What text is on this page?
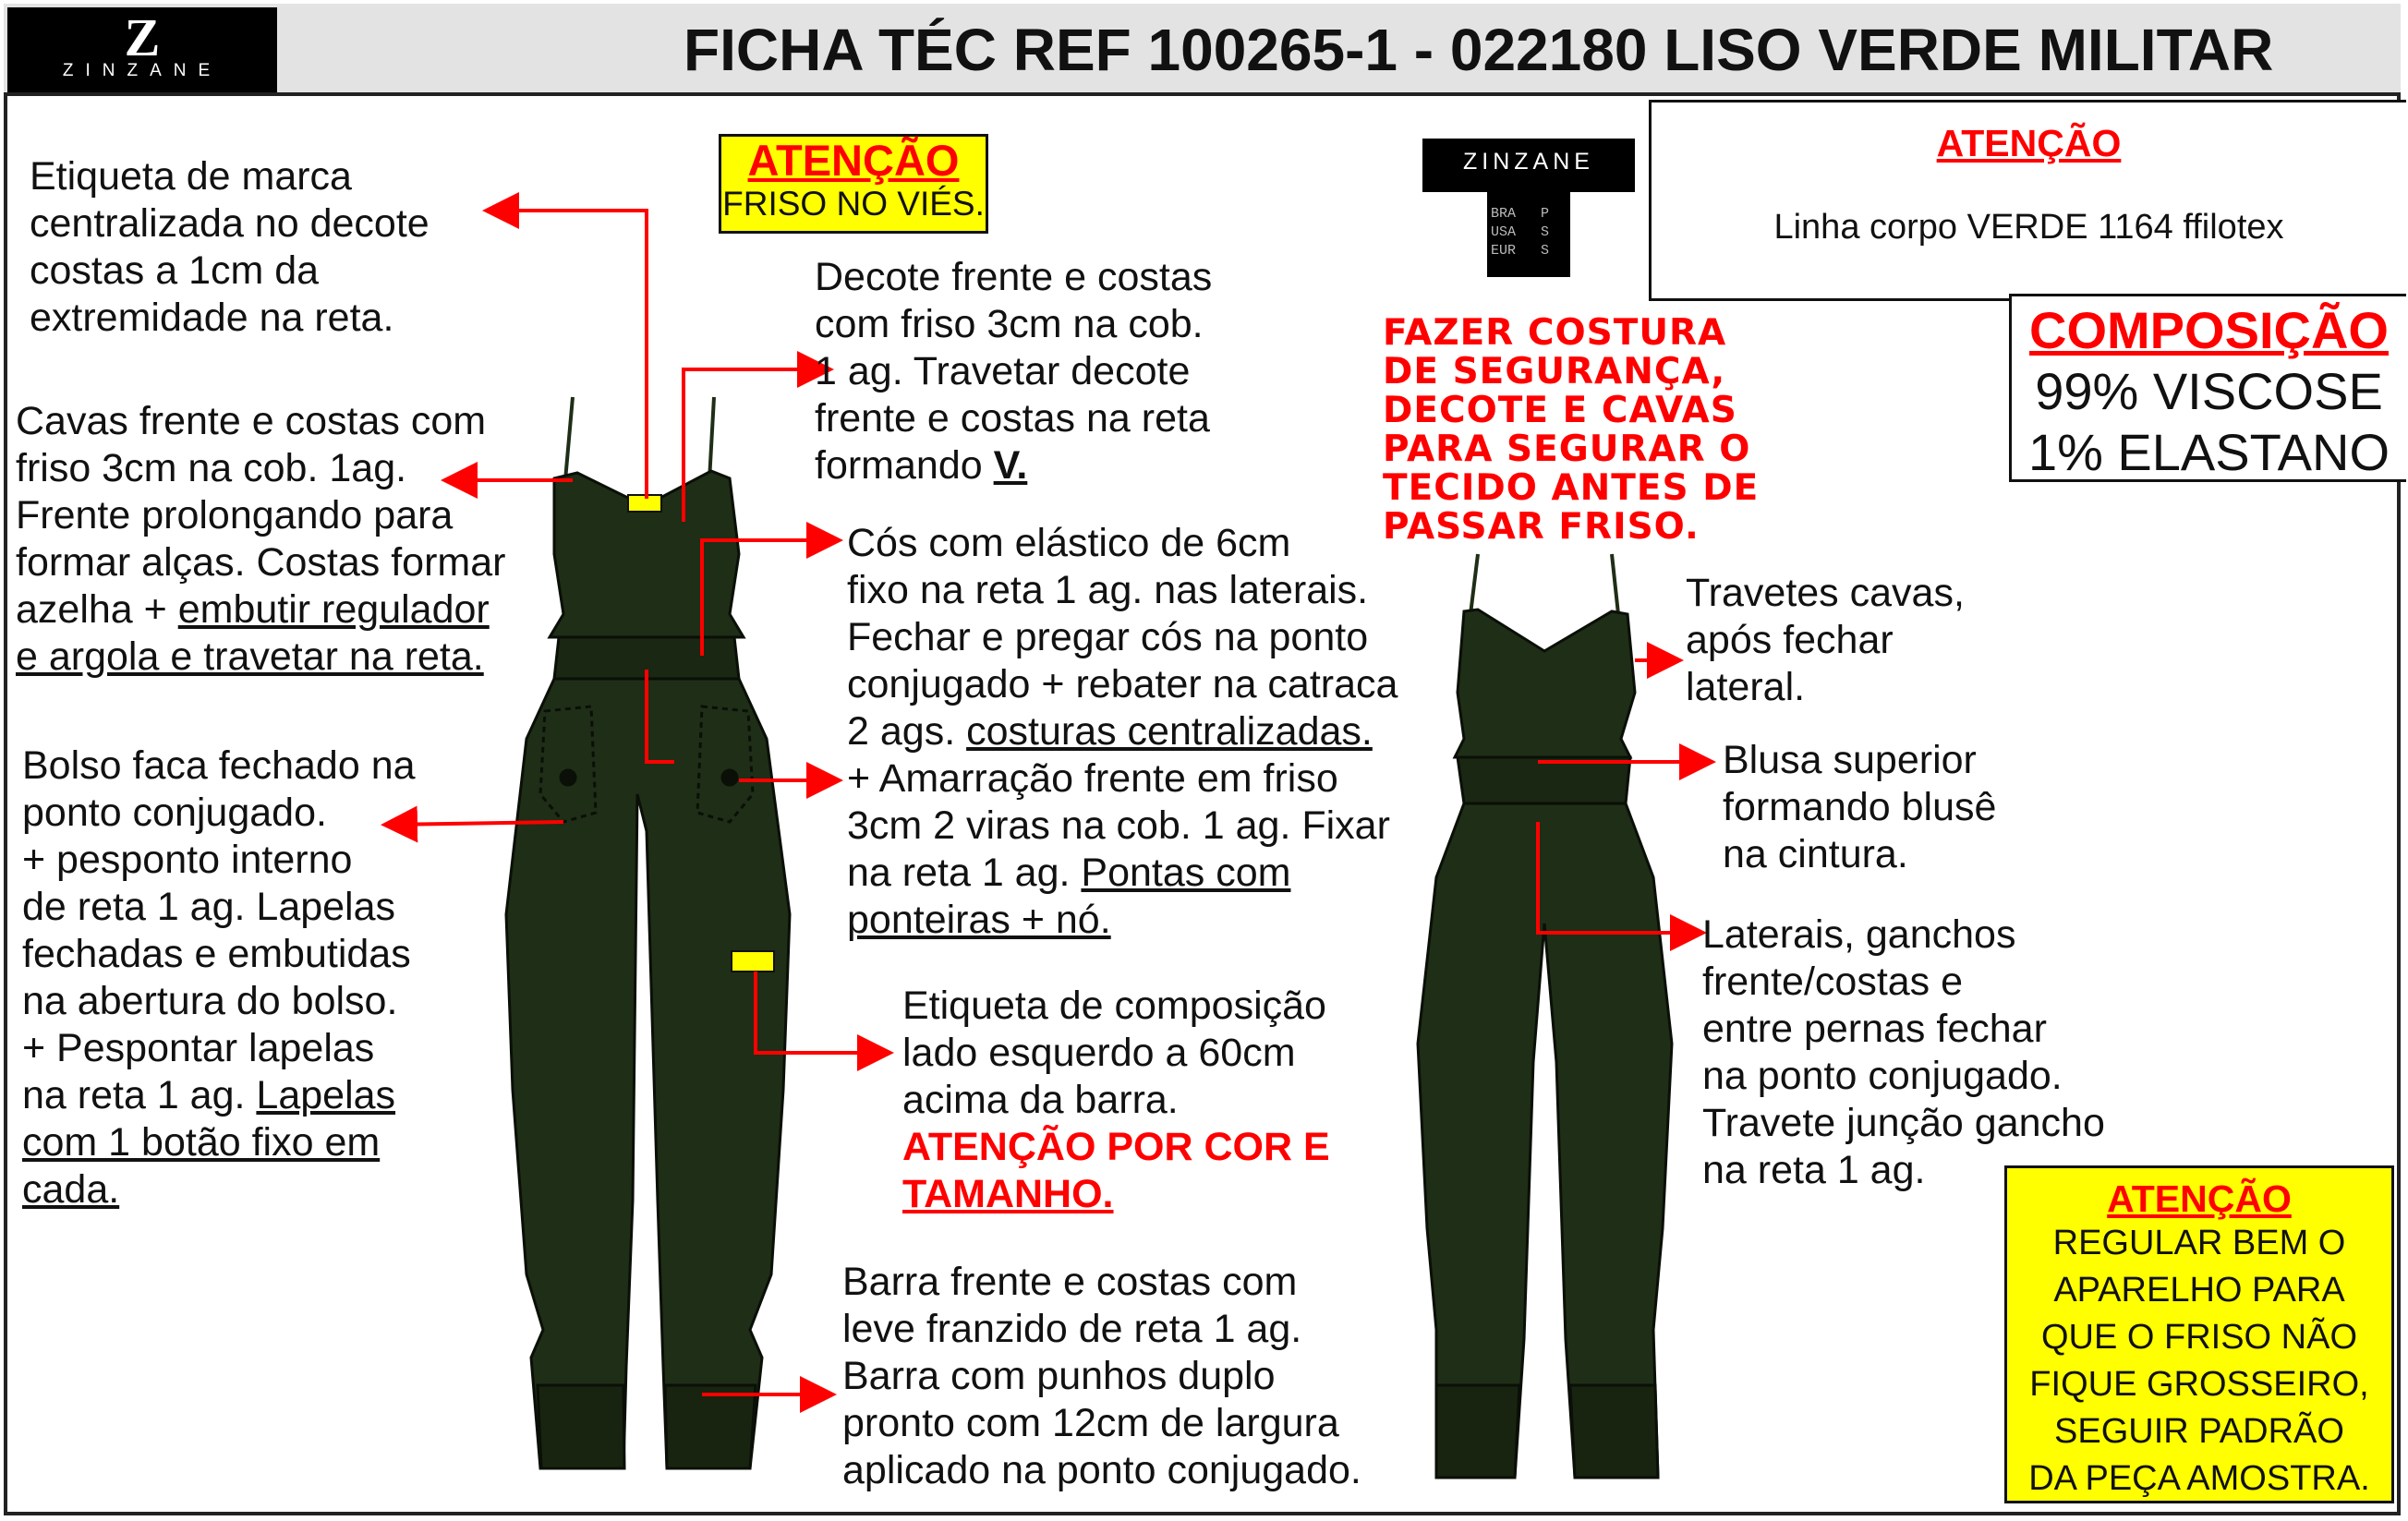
Z
ZINZANE	FICHA TÉC REF 100265-1 - 022180 LISO VERDE MILITAR
ZINZANE
BRA P
USA S
EUR S
ATENÇÃO
FRISO NO VIÉS.
ATENÇÃO
Linha corpo VERDE 1164 ffilotex
COMPOSIÇÃO
99% VISCOSE
1% ELASTANO
FAZER COSTURA
DE SEGURANÇA,
DECOTE E CAVAS
PARA SEGURAR O
TECIDO ANTES DE
PASSAR FRISO.
Etiqueta de marca
centralizada no decote
costas a 1cm da
extremidade na reta.
Cavas frente e costas com
friso 3cm na cob. 1ag.
Frente prolongando para
formar alças. Costas formar
azelha + embutir regulador
e argola e travetar na reta.
Bolso faca fechado na
ponto conjugado.
+ pesponto interno
de reta 1 ag. Lapelas
fechadas e embutidas
na abertura do bolso.
+ Pespontar lapelas
na reta 1 ag. Lapelas
com 1 botão fixo em
cada.
Decote frente e costas
com friso 3cm na cob.
1 ag. Travetar decote
frente e costas na reta
formando V.
Cós com elástico de 6cm
fixo na reta 1 ag. nas laterais.
Fechar e pregar cós na ponto
conjugado + rebater na catraca
2 ags. costuras centralizadas.
+ Amarração frente em friso
3cm 2 viras na cob. 1 ag. Fixar
na reta 1 ag. Pontas com
ponteiras + nó.
Etiqueta de composição
lado esquerdo a 60cm
acima da barra.
ATENÇÃO POR COR E
TAMANHO.
Barra frente e costas com
leve franzido de reta 1 ag.
Barra com punhos duplo
pronto com 12cm de largura
aplicado na ponto conjugado.
Travetes cavas,
após fechar
lateral.
Blusa superior
formando blusê
na cintura.
Laterais, ganchos
frente/costas e
entre pernas fechar
na ponto conjugado.
Travete junção gancho
na reta 1 ag.
ATENÇÃO
REGULAR BEM O
APARELHO PARA
QUE O FRISO NÃO
FIQUE GROSSEIRO,
SEGUIR PADRÃO
DA PEÇA AMOSTRA.
